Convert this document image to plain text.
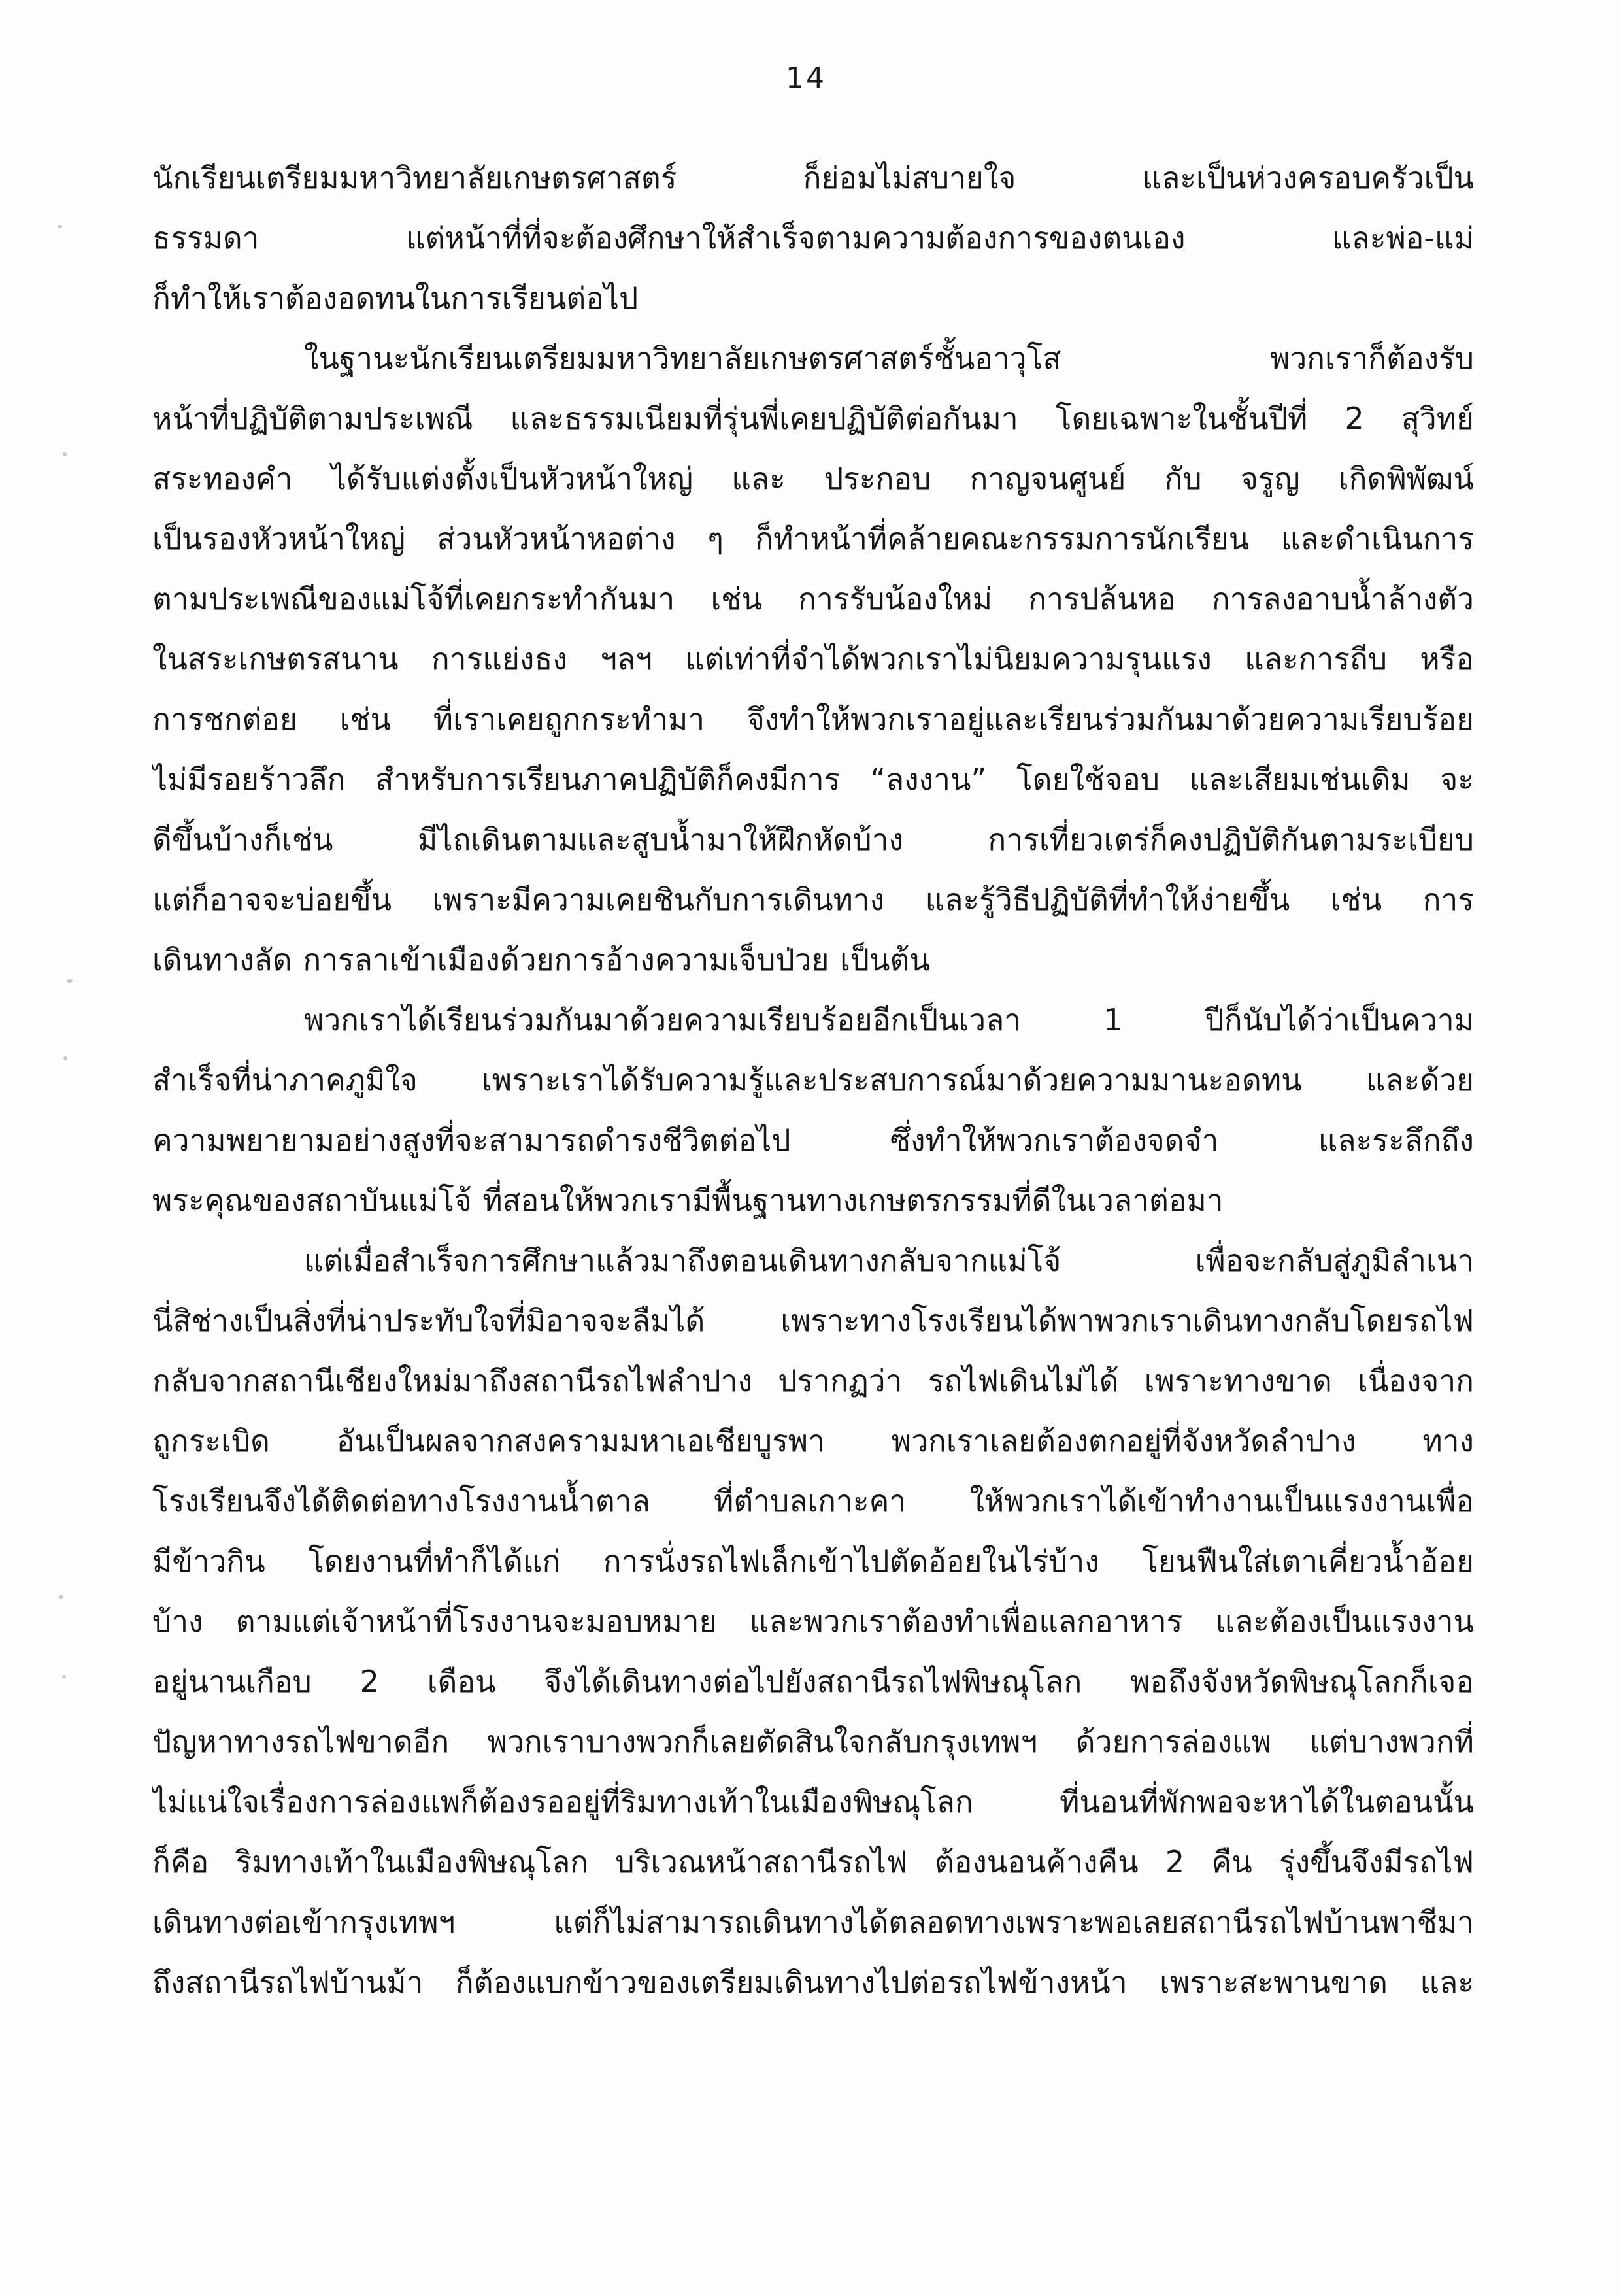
14
นักเรียนเตรียมมหาวิทยาลัยเกษตรศาสตร์ ก็ย่อมไม่สบายใจ และเป็นห่วงครอบครัวเป็น
ธรรมดา แต่หน้าที่ที่จะต้องศึกษาให้สำเร็จตามความต้องการของตนเอง และพ่อ-แม่
ก็ทำให้เราต้องอดทนในการเรียนต่อไป
ในฐานะนักเรียนเตรียมมหาวิทยาลัยเกษตรศาสตร์ชั้นอาวุโส พวกเราก็ต้องรับ
หน้าที่ปฏิบัติตามประเพณี และธรรมเนียมที่รุ่นพี่เคยปฏิบัติต่อกันมา โดยเฉพาะในชั้นปีที่ 2 สุวิทย์
สระทองคำ ได้รับแต่งตั้งเป็นหัวหน้าใหญ่ และ ประกอบ กาญจนศูนย์ กับ จรูญ เกิดพิพัฒน์
เป็นรองหัวหน้าใหญ่ ส่วนหัวหน้าหอต่าง ๆ ก็ทำหน้าที่คล้ายคณะกรรมการนักเรียน และดำเนินการ
ตามประเพณีของแม่โจ้ที่เคยกระทำกันมา เช่น การรับน้องใหม่ การปล้นหอ การลงอาบน้ำล้างตัว
ในสระเกษตรสนาน การแย่งธง ฯลฯ แต่เท่าที่จำได้พวกเราไม่นิยมความรุนแรง และการถีบ หรือ
การชกต่อย เช่น ที่เราเคยถูกกระทำมา จึงทำให้พวกเราอยู่และเรียนร่วมกันมาด้วยความเรียบร้อย
ไม่มีรอยร้าวลึก สำหรับการเรียนภาคปฏิบัติก็คงมีการ “ลงงาน” โดยใช้จอบ และเสียมเช่นเดิม จะ
ดีขึ้นบ้างก็เช่น มีไถเดินตามและสูบน้ำมาให้ฝึกหัดบ้าง การเที่ยวเตร่ก็คงปฏิบัติกันตามระเบียบ
แต่ก็อาจจะบ่อยขึ้น เพราะมีความเคยชินกับการเดินทาง และรู้วิธีปฏิบัติที่ทำให้ง่ายขึ้น เช่น การ
เดินทางลัด การลาเข้าเมืองด้วยการอ้างความเจ็บป่วย เป็นต้น
พวกเราได้เรียนร่วมกันมาด้วยความเรียบร้อยอีกเป็นเวลา 1 ปีก็นับได้ว่าเป็นความ
สำเร็จที่น่าภาคภูมิใจ เพราะเราได้รับความรู้และประสบการณ์มาด้วยความมานะอดทน และด้วย
ความพยายามอย่างสูงที่จะสามารถดำรงชีวิตต่อไป ซึ่งทำให้พวกเราต้องจดจำ และระลึกถึง
พระคุณของสถาบันแม่โจ้ ที่สอนให้พวกเรามีพื้นฐานทางเกษตรกรรมที่ดีในเวลาต่อมา
แต่เมื่อสำเร็จการศึกษาแล้วมาถึงตอนเดินทางกลับจากแม่โจ้ เพื่อจะกลับสู่ภูมิลำเนา
นี่สิช่างเป็นสิ่งที่น่าประทับใจที่มิอาจจะลืมได้ เพราะทางโรงเรียนได้พาพวกเราเดินทางกลับโดยรถไฟ
กลับจากสถานีเชียงใหม่มาถึงสถานีรถไฟลำปาง ปรากฏว่า รถไฟเดินไม่ได้ เพราะทางขาด เนื่องจาก
ถูกระเบิด อันเป็นผลจากสงครามมหาเอเชียบูรพา พวกเราเลยต้องตกอยู่ที่จังหวัดลำปาง ทาง
โรงเรียนจึงได้ติดต่อทางโรงงานน้ำตาล ที่ตำบลเกาะคา ให้พวกเราได้เข้าทำงานเป็นแรงงานเพื่อ
มีข้าวกิน โดยงานที่ทำก็ได้แก่ การนั่งรถไฟเล็กเข้าไปตัดอ้อยในไร่บ้าง โยนฟืนใส่เตาเคี่ยวน้ำอ้อย
บ้าง ตามแต่เจ้าหน้าที่โรงงานจะมอบหมาย และพวกเราต้องทำเพื่อแลกอาหาร และต้องเป็นแรงงาน
อยู่นานเกือบ 2 เดือน จึงได้เดินทางต่อไปยังสถานีรถไฟพิษณุโลก พอถึงจังหวัดพิษณุโลกก็เจอ
ปัญหาทางรถไฟขาดอีก พวกเราบางพวกก็เลยตัดสินใจกลับกรุงเทพฯ ด้วยการล่องแพ แต่บางพวกที่
ไม่แน่ใจเรื่องการล่องแพก็ต้องรออยู่ที่ริมทางเท้าในเมืองพิษณุโลก ที่นอนที่พักพอจะหาได้ในตอนนั้น
ก็คือ ริมทางเท้าในเมืองพิษณุโลก บริเวณหน้าสถานีรถไฟ ต้องนอนค้างคืน 2 คืน รุ่งขึ้นจึงมีรถไฟ
เดินทางต่อเข้ากรุงเทพฯ แต่ก็ไม่สามารถเดินทางได้ตลอดทางเพราะพอเลยสถานีรถไฟบ้านพาชีมา
ถึงสถานีรถไฟบ้านม้า ก็ต้องแบกข้าวของเตรียมเดินทางไปต่อรถไฟข้างหน้า เพราะสะพานขาด และ
